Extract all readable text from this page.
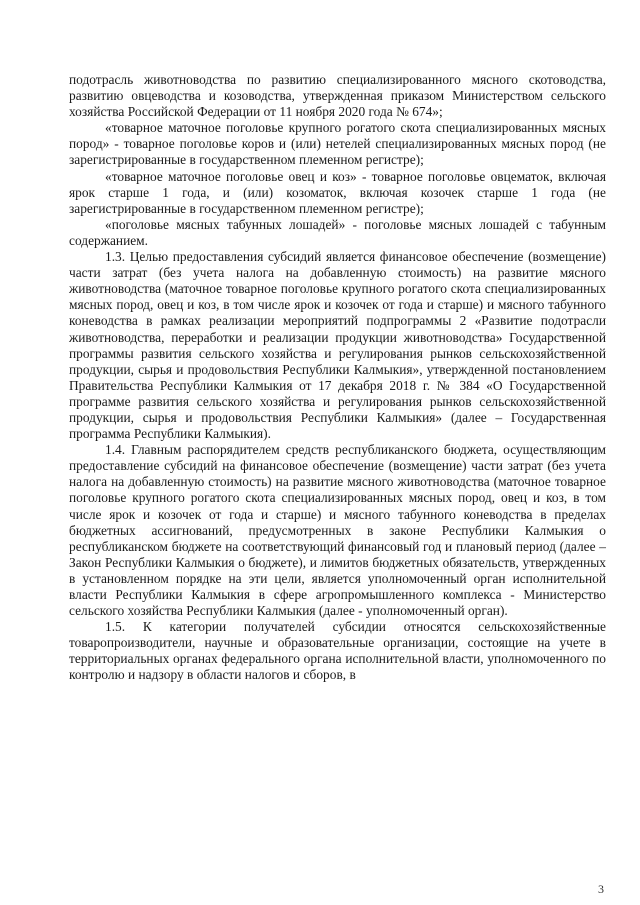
подотрасль животноводства по развитию специализированного мясного скотоводства, развитию овцеводства и козоводства, утвержденная приказом Министерством сельского хозяйства Российской Федерации от 11 ноября 2020 года № 674»;

«товарное маточное поголовье крупного рогатого скота специализированных мясных пород» - товарное поголовье коров и (или) нетелей специализированных мясных пород (не зарегистрированные в государственном племенном регистре);

«товарное маточное поголовье овец и коз» - товарное поголовье овцематок, включая ярок старше 1 года, и (или) козоматок, включая козочек старше 1 года (не зарегистрированные в государственном племенном регистре);

«поголовье мясных табунных лошадей» - поголовье мясных лошадей с табунным содержанием.

1.3. Целью предоставления субсидий является финансовое обеспечение (возмещение) части затрат (без учета налога на добавленную стоимость) на развитие мясного животноводства (маточное товарное поголовье крупного рогатого скота специализированных мясных пород, овец и коз, в том числе ярок и козочек от года и старше) и мясного табунного коневодства в рамках реализации мероприятий подпрограммы 2 «Развитие подотрасли животноводства, переработки и реализации продукции животноводства» Государственной программы развития сельского хозяйства и регулирования рынков сельскохозяйственной продукции, сырья и продовольствия Республики Калмыкия», утвержденной постановлением Правительства Республики Калмыкия от 17 декабря 2018 г. № 384 «О Государственной программе развития сельского хозяйства и регулирования рынков сельскохозяйственной продукции, сырья и продовольствия Республики Калмыкия» (далее – Государственная программа Республики Калмыкия).

1.4. Главным распорядителем средств республиканского бюджета, осуществляющим предоставление субсидий на финансовое обеспечение (возмещение) части затрат (без учета налога на добавленную стоимость) на развитие мясного животноводства (маточное товарное поголовье крупного рогатого скота специализированных мясных пород, овец и коз, в том числе ярок и козочек от года и старше) и мясного табунного коневодства в пределах бюджетных ассигнований, предусмотренных в законе Республики Калмыкия о республиканском бюджете на соответствующий финансовый год и плановый период (далее – Закон Республики Калмыкия о бюджете), и лимитов бюджетных обязательств, утвержденных в установленном порядке на эти цели, является уполномоченный орган исполнительной власти Республики Калмыкия в сфере агропромышленного комплекса - Министерство сельского хозяйства Республики Калмыкия (далее - уполномоченный орган).

1.5. К категории получателей субсидии относятся сельскохозяйственные товаропроизводители, научные и образовательные организации, состоящие на учете в территориальных органах федерального органа исполнительной власти, уполномоченного по контролю и надзору в области налогов и сборов, в

3
